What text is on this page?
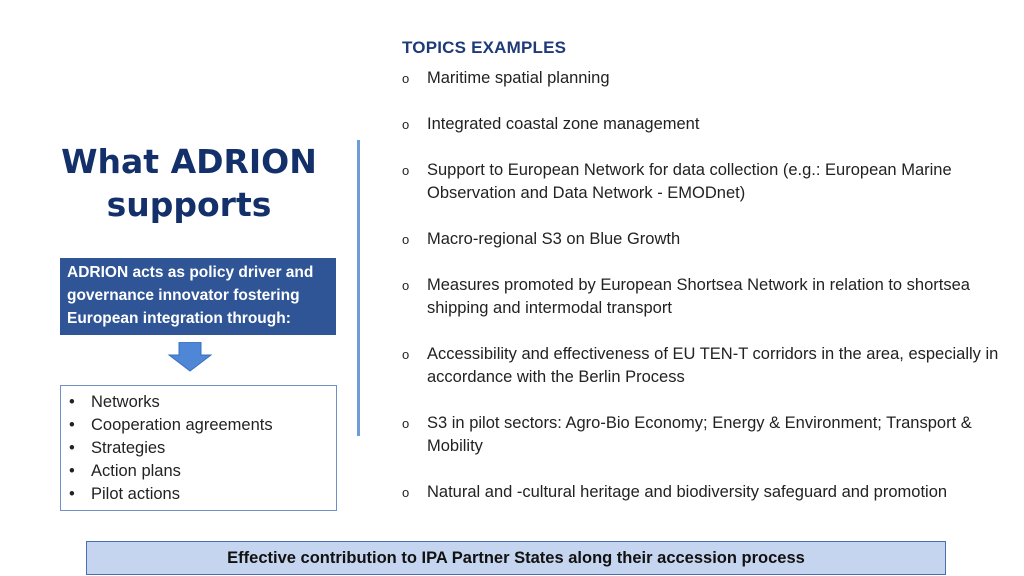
What ADRION supports
ADRION acts as policy driver and governance innovator fostering European integration through:
• Networks
• Cooperation agreements
• Strategies
• Action plans
• Pilot actions
TOPICS EXAMPLES
o	Maritime spatial planning
o	Integrated coastal zone management
o	Support to European Network for data collection (e.g.: European Marine Observation and Data Network - EMODnet)
o	Macro-regional S3 on Blue Growth
o	Measures promoted by European Shortsea Network in relation to shortsea shipping and intermodal transport
o	Accessibility and effectiveness of EU TEN-T corridors in the area, especially in accordance with the Berlin Process
o	S3 in pilot sectors: Agro-Bio Economy; Energy & Environment; Transport & Mobility
o	Natural and -cultural heritage and biodiversity safeguard and promotion
Effective contribution to IPA Partner States along their accession process
